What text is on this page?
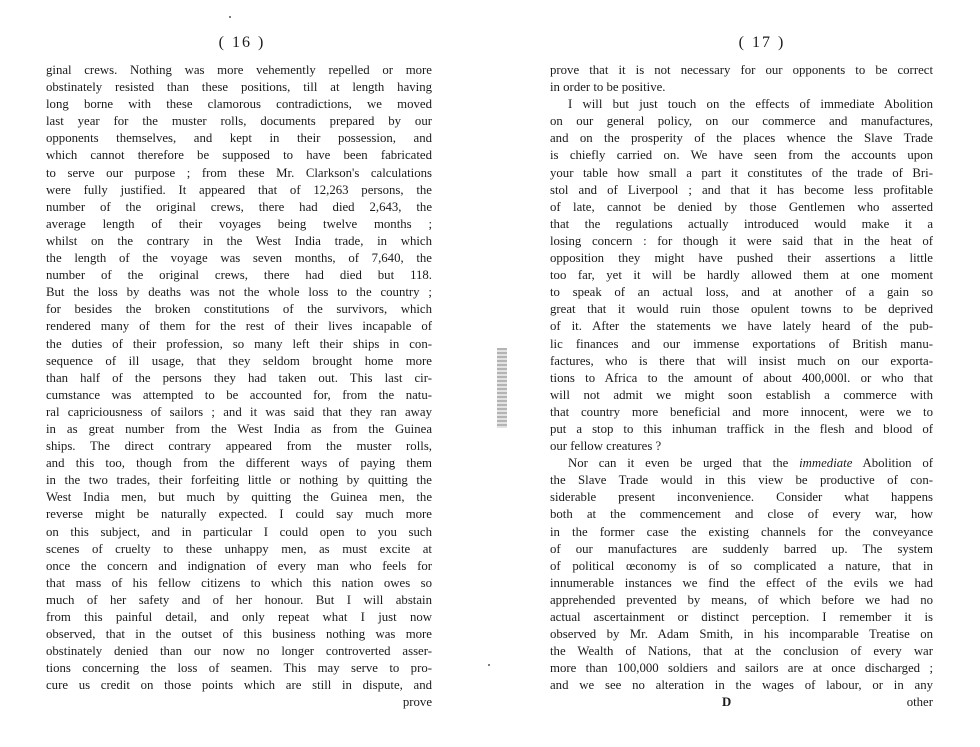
( 16 )
ginal crews. Nothing was more vehemently repelled or more
obstinately resisted than these positions, till at length having
long borne with these clamorous contradictions, we moved
last year for the muster rolls, documents prepared by our
opponents themselves, and kept in their possession, and
which cannot therefore be supposed to have been fabricated
to serve our purpose ; from these Mr. Clarkson's calculations
were fully justified. It appeared that of 12,263 persons, the
number of the original crews, there had died 2,643, the
average length of their voyages being twelve months ;
whilst on the contrary in the West India trade, in which
the length of the voyage was seven months, of 7,640, the
number of the original crews, there had died but 118.
But the loss by deaths was not the whole loss to the country ;
for besides the broken constitutions of the survivors, which
rendered many of them for the rest of their lives incapable of
the duties of their profession, so many left their ships in con-
sequence of ill usage, that they seldom brought home more
than half of the persons they had taken out. This last cir-
cumstance was attempted to be accounted for, from the natu-
ral capriciousness of sailors ; and it was said that they ran away
in as great number from the West India as from the Guinea
ships. The direct contrary appeared from the muster rolls,
and this too, though from the different ways of paying them
in the two trades, their forfeiting little or nothing by quitting the
West India men, but much by quitting the Guinea men, the
reverse might be naturally expected. I could say much more
on this subject, and in particular I could open to you such
scenes of cruelty to these unhappy men, as must excite at
once the concern and indignation of every man who feels for
that mass of his fellow citizens to which this nation owes so
much of her safety and of her honour. But I will abstain
from this painful detail, and only repeat what I just now
observed, that in the outset of this business nothing was more
obstinately denied than our now no longer controverted asser-
tions concerning the loss of seamen. This may serve to pro-
cure us credit on those points which are still in dispute, and
prove
( 17 )
prove that it is not necessary for our opponents to be correct
in order to be positive.
I will but just touch on the effects of immediate Abolition
on our general policy, on our commerce and manufactures,
and on the prosperity of the places whence the Slave Trade
is chiefly carried on. We have seen from the accounts upon
your table how small a part it constitutes of the trade of Bri-
stol and of Liverpool ; and that it has become less profitable
of late, cannot be denied by those Gentlemen who asserted
that the regulations actually introduced would make it a
losing concern : for though it were said that in the heat of
opposition they might have pushed their assertions a little
too far, yet it will be hardly allowed them at one moment
to speak of an actual loss, and at another of a gain so
great that it would ruin those opulent towns to be deprived
of it. After the statements we have lately heard of the pub-
lic finances and our immense exportations of British manu-
factures, who is there that will insist much on our exporta-
tions to Africa to the amount of about 400,000l. or who that
will not admit we might soon establish a commerce with
that country more beneficial and more innocent, were we to
put a stop to this inhuman traffick in the flesh and blood of
our fellow creatures ?
Nor can it even be urged that the immediate Abolition of
the Slave Trade would in this view be productive of con-
siderable present inconvenience. Consider what happens
both at the commencement and close of every war, how
in the former case the existing channels for the conveyance
of our manufactures are suddenly barred up. The system
of political œconomy is of so complicated a nature, that in
innumerable instances we find the effect of the evils we had
apprehended prevented by means, of which before we had no
actual ascertainment or distinct perception. I remember it is
observed by Mr. Adam Smith, in his incomparable Treatise on
the Wealth of Nations, that at the conclusion of every war
more than 100,000 soldiers and sailors are at once discharged ;
and we see no alteration in the wages of labour, or in any
D	other
